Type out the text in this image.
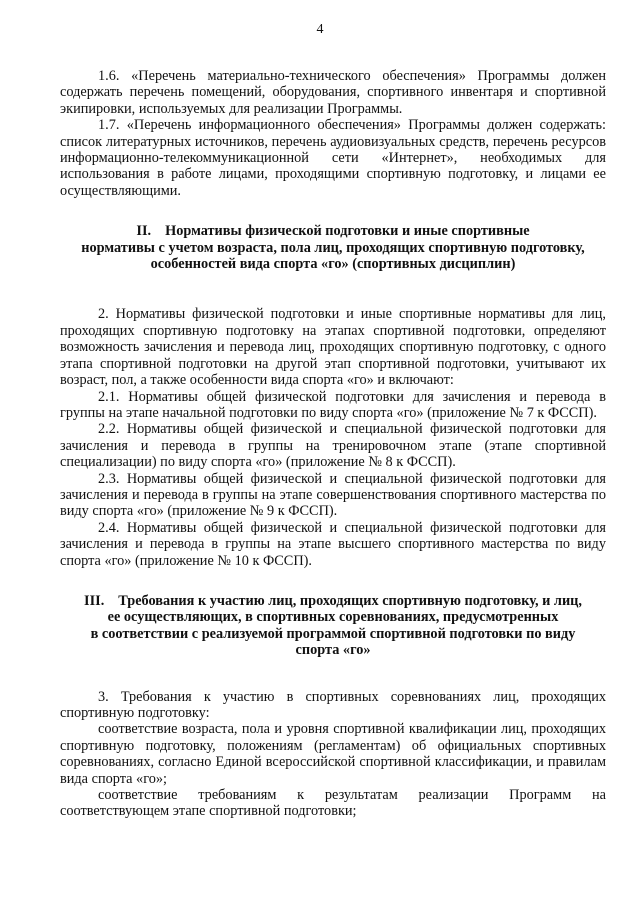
4

1.6. «Перечень материально-технического обеспечения» Программы должен содержать перечень помещений, оборудования, спортивного инвентаря и спортивной экипировки, используемых для реализации Программы.

1.7. «Перечень информационного обеспечения» Программы должен содержать: список литературных источников, перечень аудиовизуальных средств, перечень ресурсов информационно-телекоммуникационной сети «Интернет», необходимых для использования в работе лицами, проходящими спортивную подготовку, и лицами ее осуществляющими.

II. Нормативы физической подготовки и иные спортивные
нормативы с учетом возраста, пола лиц, проходящих спортивную подготовку,
особенностей вида спорта «го» (спортивных дисциплин)

2. Нормативы физической подготовки и иные спортивные нормативы для лиц, проходящих спортивную подготовку на этапах спортивной подготовки, определяют возможность зачисления и перевода лиц, проходящих спортивную подготовку, с одного этапа спортивной подготовки на другой этап спортивной подготовки, учитывают их возраст, пол, а также особенности вида спорта «го» и включают:

2.1. Нормативы общей физической подготовки для зачисления и перевода в группы на этапе начальной подготовки по виду спорта «го» (приложение № 7 к ФССП).

2.2. Нормативы общей физической и специальной физической подготовки для зачисления и перевода в группы на тренировочном этапе (этапе спортивной специализации) по виду спорта «го» (приложение № 8 к ФССП).

2.3. Нормативы общей физической и специальной физической подготовки для зачисления и перевода в группы на этапе совершенствования спортивного мастерства по виду спорта «го» (приложение № 9 к ФССП).

2.4. Нормативы общей физической и специальной физической подготовки для зачисления и перевода в группы на этапе высшего спортивного мастерства по виду спорта «го» (приложение № 10 к ФССП).

III. Требования к участию лиц, проходящих спортивную подготовку, и лиц,
ее осуществляющих, в спортивных соревнованиях, предусмотренных
в соответствии с реализуемой программой спортивной подготовки по виду
спорта «го»

3. Требования к участию в спортивных соревнованиях лиц, проходящих спортивную подготовку:

соответствие возраста, пола и уровня спортивной квалификации лиц, проходящих спортивную подготовку, положениям (регламентам) об официальных спортивных соревнованиях, согласно Единой всероссийской спортивной классификации, и правилам вида спорта «го»;

соответствие требованиям к результатам реализации Программ на соответствующем этапе спортивной подготовки;
